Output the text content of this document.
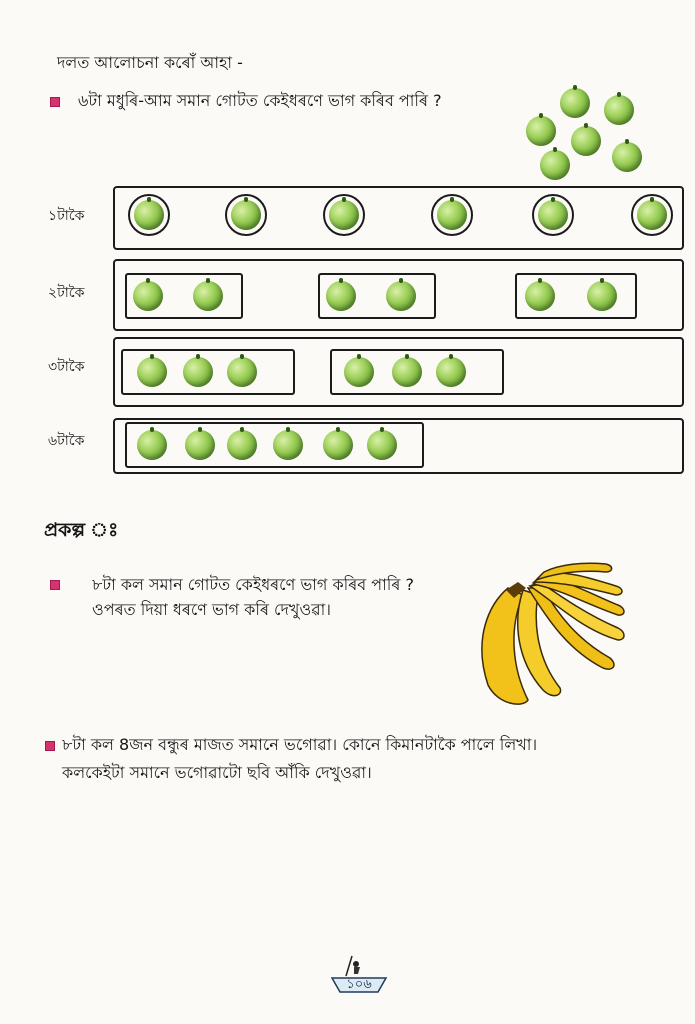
দলত আলোচনা কৰোঁ আহা -
৬টা মধুৰি-আম সমান গোটত কেইধৰণে ভাগ কৰিব পাৰি ?
১টাকৈ
২টাকৈ
৩টাকৈ
৬টাকৈ
প্ৰকল্প ঃ
৮টা কল সমান গোটত কেইধৰণে ভাগ কৰিব পাৰি ?
ওপৰত দিয়া ধৰণে ভাগ কৰি দেখুওৱা।
৮টা কল 8জন বন্ধুৰ মাজত সমানে ভগোৱা। কোনে কিমানটাকৈ পালে লিখা।
কলকেইটা সমানে ভগোৱাটো ছবি আঁকি দেখুওৱা।
১০৬
